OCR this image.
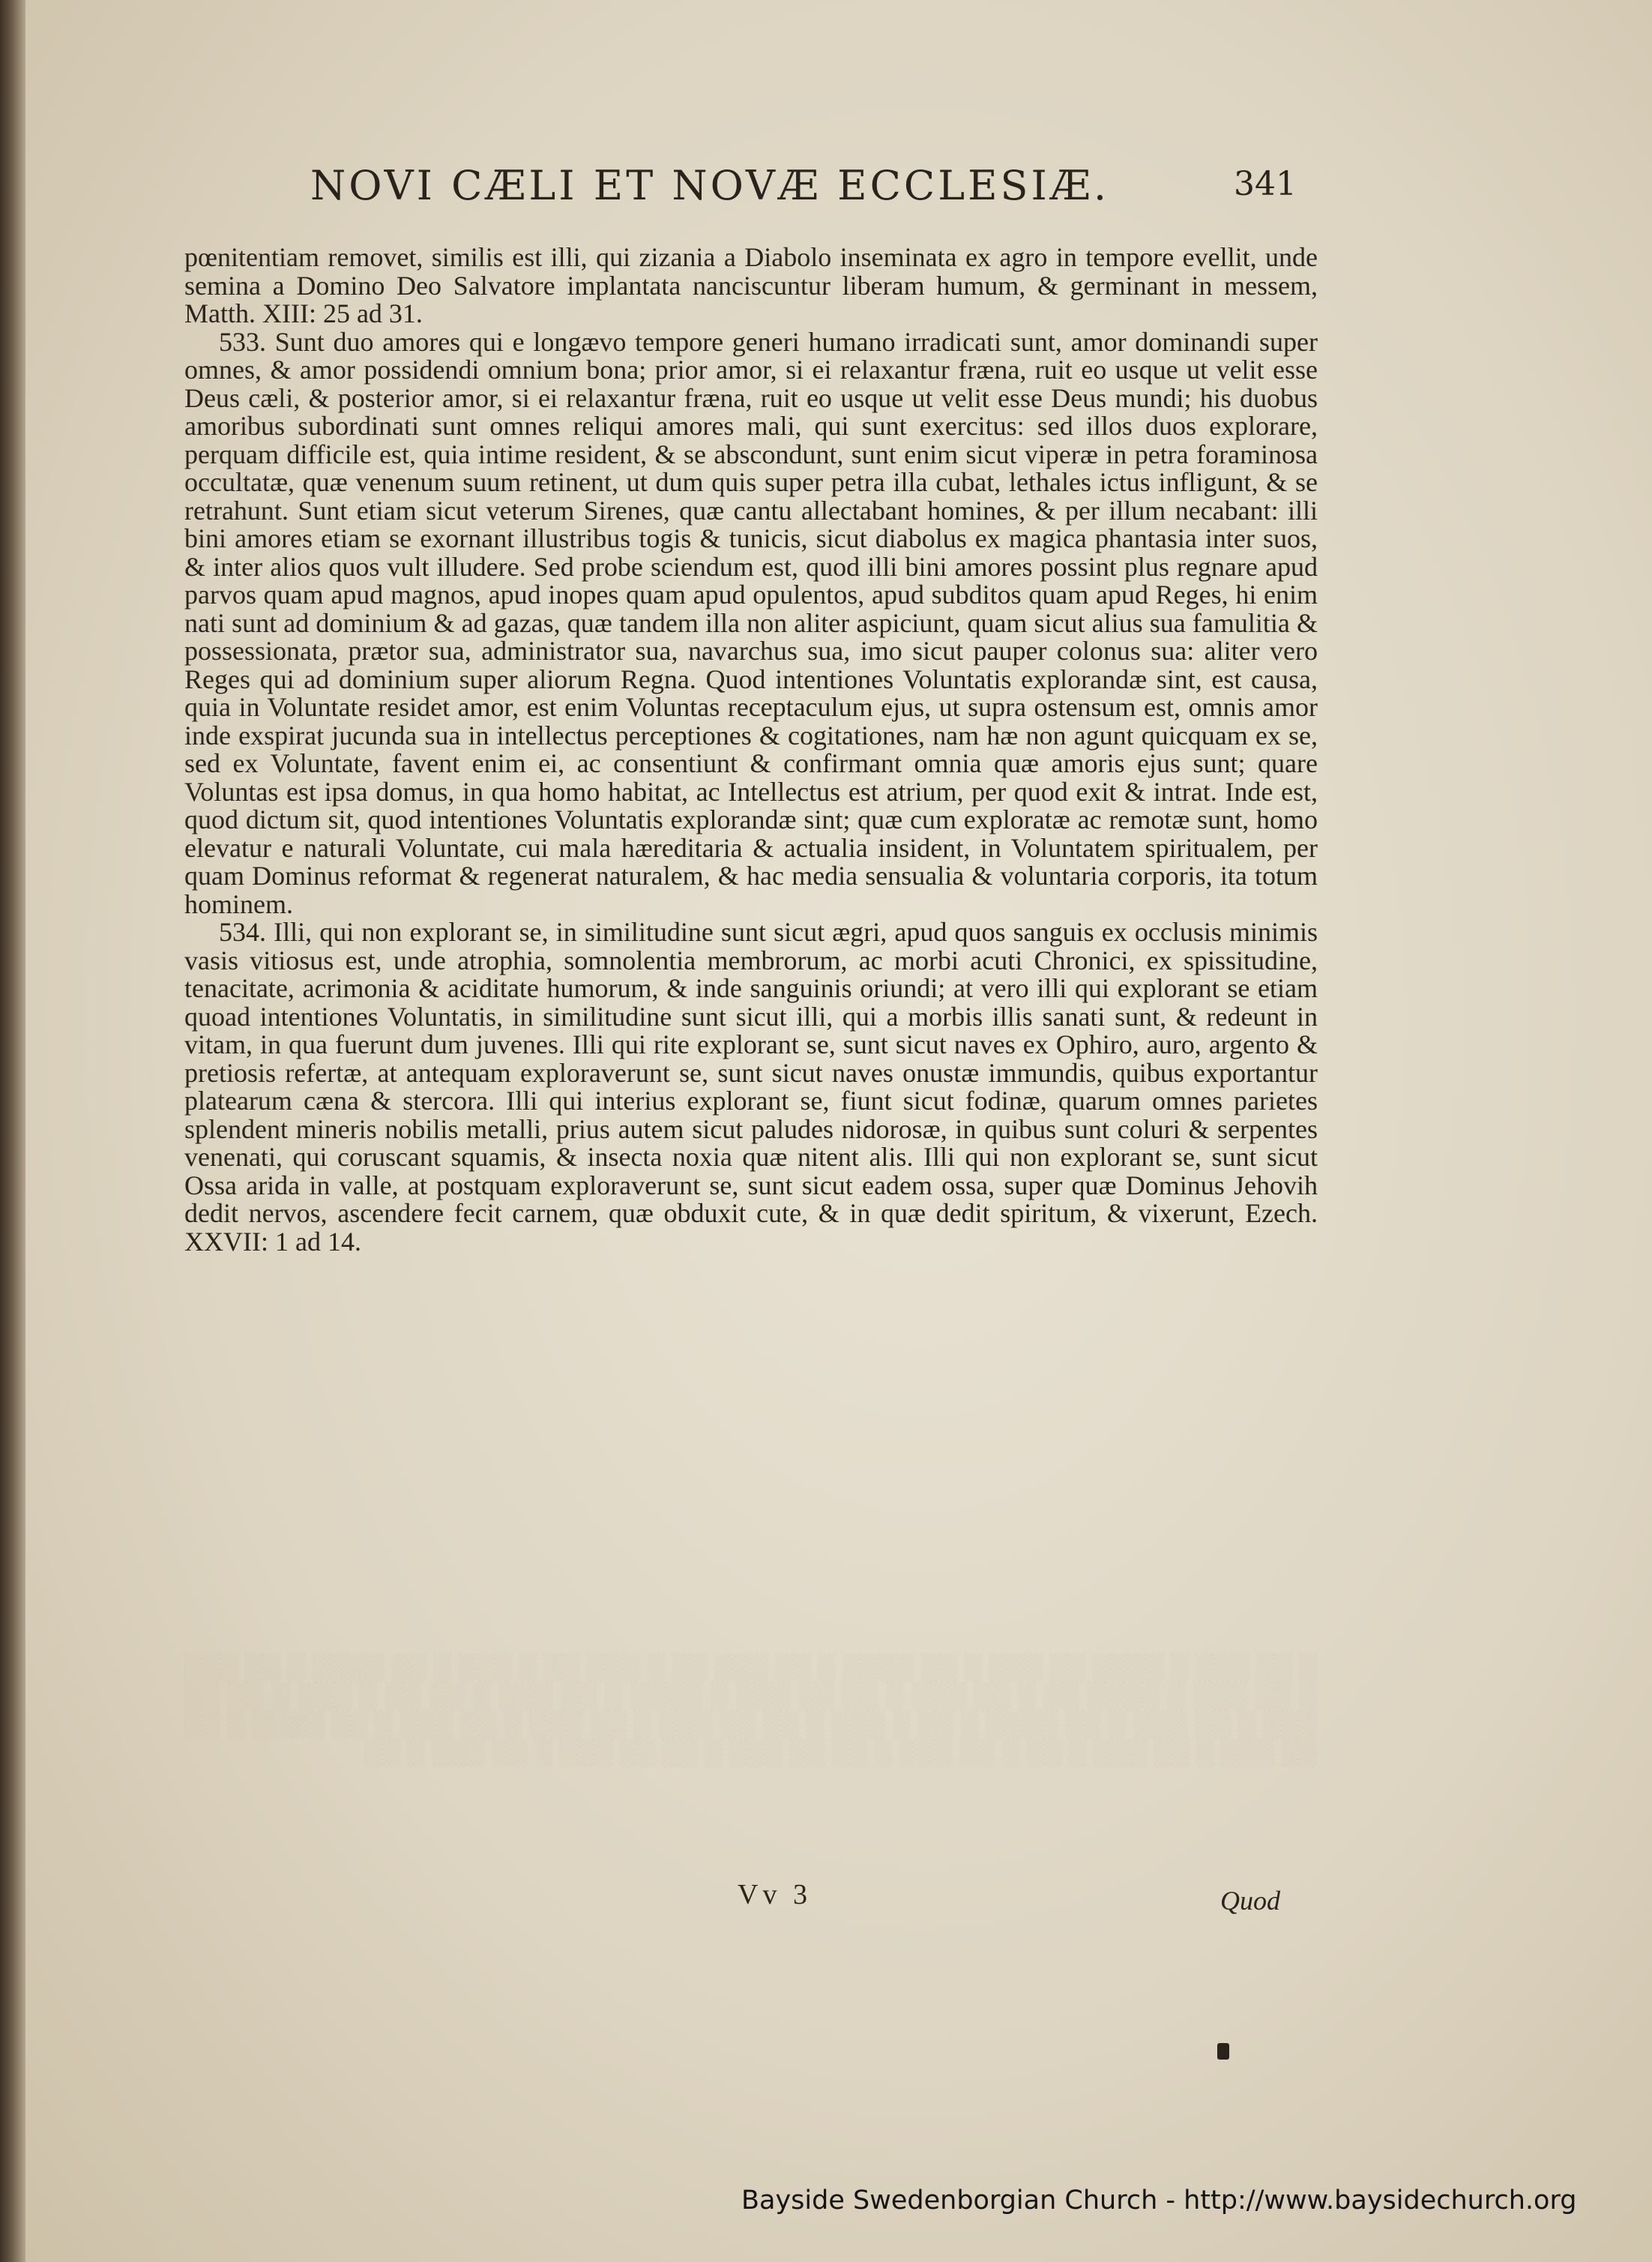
NOVI CÆLI ET NOVÆ ECCLESIÆ.	341

pœnitentiam removet, similis est illi, qui zizania a Diabolo inseminata ex agro in tempore evellit, unde semina a Domino Deo Salvatore implantata nanciscuntur liberam humum, & germinant in messem, Matth. XIII: 25 ad 31.

533. Sunt duo amores qui e longævo tempore generi humano irradicati sunt, amor dominandi super omnes, & amor possidendi omnium bona; prior amor, si ei relaxantur fræna, ruit eo usque ut velit esse Deus cæli, & posterior amor, si ei relaxantur fræna, ruit eo usque ut velit esse Deus mundi; his duobus amoribus subordinati sunt omnes reliqui amores mali, qui sunt exercitus: sed illos duos explorare, perquam difficile est, quia intime resident, & se abscondunt, sunt enim sicut viperæ in petra foraminosa occultatæ, quæ venenum suum retinent, ut dum quis super petra illa cubat, lethales ictus infligunt, & se retrahunt. Sunt etiam sicut veterum Sirenes, quæ cantu allectabant homines, & per illum necabant: illi bini amores etiam se exornant illustribus togis & tunicis, sicut diabolus ex magica phantasia inter suos, & inter alios quos vult illudere. Sed probe sciendum est, quod illi bini amores possint plus regnare apud parvos quam apud magnos, apud inopes quam apud opulentos, apud subditos quam apud Reges, hi enim nati sunt ad dominium & ad gazas, quæ tandem illa non aliter aspiciunt, quam sicut alius sua famulitia & possessionata, prætor sua, administrator sua, navarchus sua, imo sicut pauper colonus sua: aliter vero Reges qui ad dominium super aliorum Regna. Quod intentiones Voluntatis explorandæ sint, est causa, quia in Voluntate residet amor, est enim Voluntas receptaculum ejus, ut supra ostensum est, omnis amor inde exspirat jucunda sua in intellectus perceptiones & cogitationes, nam hæ non agunt quicquam ex se, sed ex Voluntate, favent enim ei, ac consentiunt & confirmant omnia quæ amoris ejus sunt; quare Voluntas est ipsa domus, in qua homo habitat, ac Intellectus est atrium, per quod exit & intrat. Inde est, quod dictum sit, quod intentiones Voluntatis explorandæ sint; quæ cum exploratæ ac remotæ sunt, homo elevatur e naturali Voluntate, cui mala hæreditaria & actualia insident, in Voluntatem spiritualem, per quam Dominus reformat & regenerat naturalem, & hac media sensualia & voluntaria corporis, ita totum hominem.

534. Illi, qui non explorant se, in similitudine sunt sicut ægri, apud quos sanguis ex occlusis minimis vasis vitiosus est, unde atrophia, somnolentia membrorum, ac morbi acuti Chronici, ex spissitudine, tenacitate, acrimonia & aciditate humorum, & inde sanguinis oriundi; at vero illi qui explorant se etiam quoad intentiones Voluntatis, in similitudine sunt sicut illi, qui a morbis illis sanati sunt, & redeunt in vitam, in qua fuerunt dum juvenes. Illi qui rite explorant se, sunt sicut naves ex Ophiro, auro, argento & pretiosis refertæ, at antequam exploraverunt se, sunt sicut naves onustæ immundis, quibus exportantur platearum cæna & stercora. Illi qui interius explorant se, fiunt sicut fodinæ, quarum omnes parietes splendent mineris nobilis metalli, prius autem sicut paludes nidorosæ, in quibus sunt coluri & serpentes venenati, qui coruscant squamis, & insecta noxia quæ nitent alis. Illi qui non explorant se, sunt sicut Ossa arida in valle, at postquam exploraverunt se, sunt sicut eadem ossa, super quæ Dominus Jehovih dedit nervos, ascendere fecit carnem, quæ obduxit cute, & in quæ dedit spiritum, & vixerunt, Ezech. XXVII: 1 ad 14.

░ ░░ ░░░ ░ ░░░░ ░░ ░░░ ░ ░░ ░░░░ ░ ░░ ░░░ ░░ ░ ░░░ ░░ ░ ░░░ ░ ░░ ░░░░ ░ ░░ ░░░ ░ ░░ ░░░ ░ ░░░░ ░░ ░ ░░ ░░░ ░ ░░ ░░ ░░░ ░ ░░░░ ░ ░░ ░░░ ░ ░░ ░░ ░ ░░░ ░ ░░ ░░ ░░░ ░ ░░ ░░░ ░ ░░ ░░░░ ░ ░░ ░ ░░░ ░ ░░ ░░ ░░░ ░ ░░ ░░░ ░ ░░ ░░░ ░ ░░ ░░░░ ░ ░░ ░░ ░░░ ░ ░░ ░░░ ░ ░░ ░ ░░ ░░░ ░ ░░ ░░ ░░░ ░ ░░ ░░ ░░░ ░ ░░ ░░░ ░ ░░
Vv 3	Quod
Bayside Swedenborgian Church - http://www.baysidechurch.org
